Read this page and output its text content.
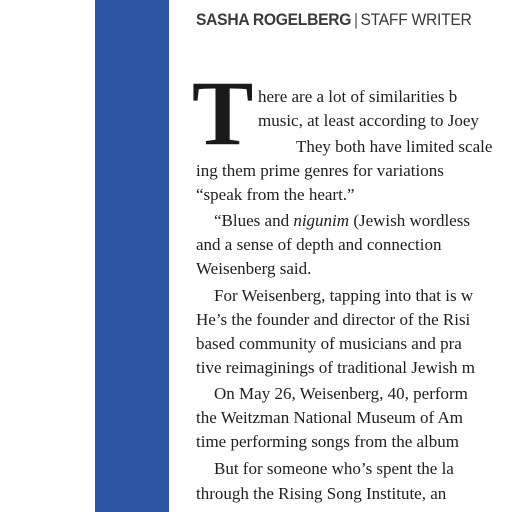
SASHA ROGELBERG | STAFF WRITER
T here are a lot of similarities b
music, at least according to Joey
They both have limited scale
ing them prime genres for variations
“speak from the heart.”
“Blues and nigunim (Jewish wordless
and a sense of depth and connection
Weisenberg said.
For Weisenberg, tapping into that is w
He’s the founder and director of the Risi
based community of musicians and pra
tive reimaginings of traditional Jewish m
On May 26, Weisenberg, 40, perform
the Weitzman National Museum of Am
time performing songs from the album
But for someone who’s spent the la
through the Rising Song Institute, an
